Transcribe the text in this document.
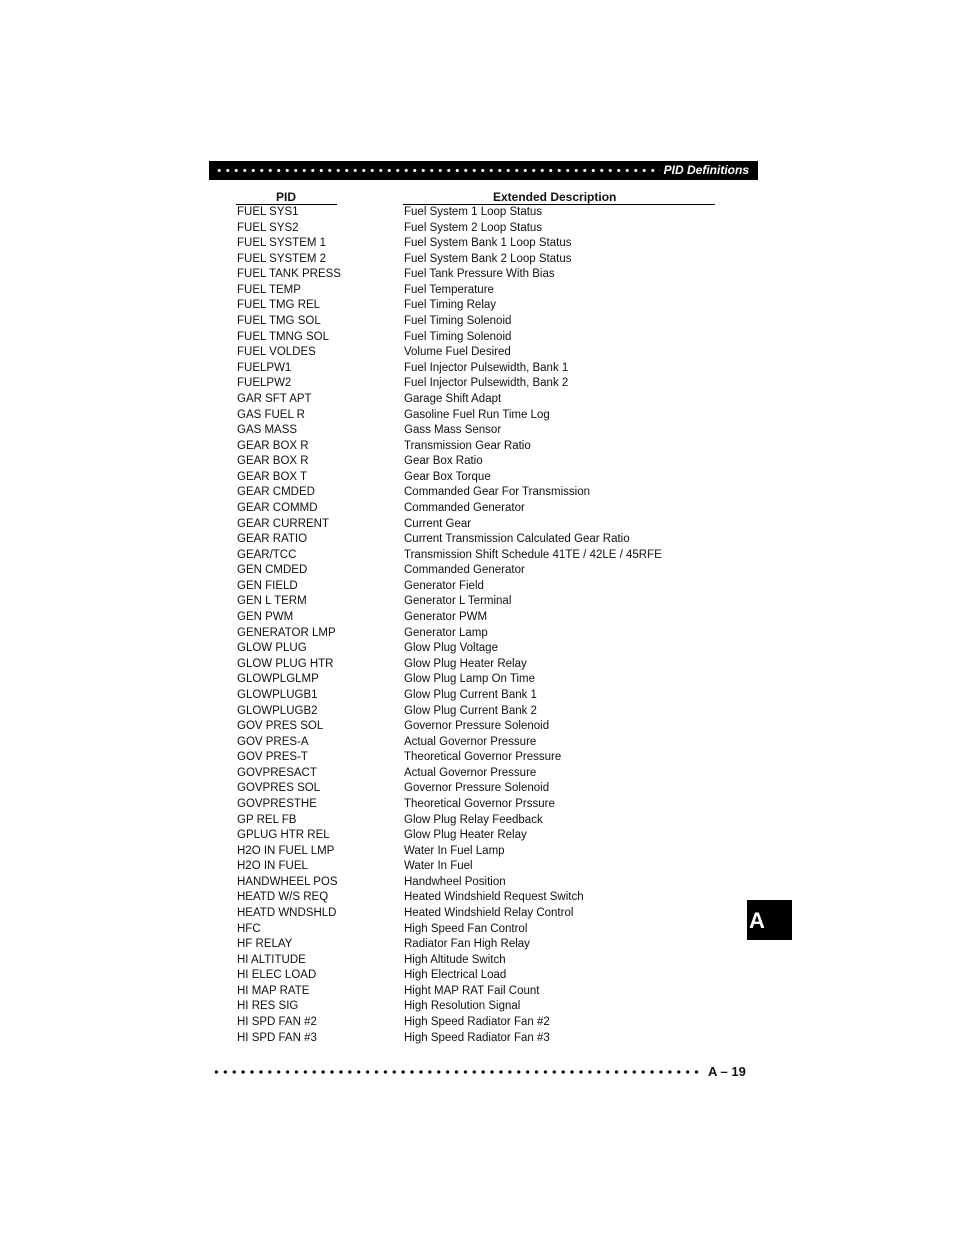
PID Definitions
PID	Extended Description
FUEL SYS1	Fuel System 1 Loop Status
FUEL SYS2	Fuel System 2 Loop Status
FUEL SYSTEM 1	Fuel System Bank 1 Loop Status
FUEL SYSTEM 2	Fuel System Bank 2 Loop Status
FUEL TANK PRESS	Fuel Tank Pressure With Bias
FUEL TEMP	Fuel Temperature
FUEL TMG REL	Fuel Timing Relay
FUEL TMG SOL	Fuel Timing Solenoid
FUEL TMNG SOL	Fuel Timing Solenoid
FUEL VOLDES	Volume Fuel Desired
FUELPW1	Fuel Injector Pulsewidth, Bank 1
FUELPW2	Fuel Injector Pulsewidth, Bank 2
GAR SFT APT	Garage Shift Adapt
GAS FUEL R	Gasoline Fuel Run Time Log
GAS MASS	Gass Mass Sensor
GEAR BOX R	Transmission Gear Ratio
GEAR BOX R	Gear Box Ratio
GEAR BOX T	Gear Box Torque
GEAR CMDED	Commanded Gear For Transmission
GEAR COMMD	Commanded Generator
GEAR CURRENT	Current Gear
GEAR RATIO	Current Transmission Calculated Gear Ratio
GEAR/TCC	Transmission Shift Schedule 41TE / 42LE / 45RFE
GEN CMDED	Commanded Generator
GEN FIELD	Generator Field
GEN L TERM	Generator L Terminal
GEN PWM	Generator PWM
GENERATOR LMP	Generator Lamp
GLOW PLUG	Glow Plug Voltage
GLOW PLUG HTR	Glow Plug Heater Relay
GLOWPLGLMP	Glow Plug Lamp On Time
GLOWPLUGB1	Glow Plug Current Bank 1
GLOWPLUGB2	Glow Plug Current Bank 2
GOV PRES SOL	Governor Pressure Solenoid
GOV PRES-A	Actual Governor Pressure
GOV PRES-T	Theoretical Governor Pressure
GOVPRESACT	Actual Governor Pressure
GOVPRES SOL	Governor Pressure Solenoid
GOVPRESTHE	Theoretical Governor Prssure
GP REL FB	Glow Plug Relay Feedback
GPLUG HTR REL	Glow Plug Heater Relay
H2O IN FUEL LMP	Water In Fuel Lamp
H2O IN FUEL	Water In Fuel
HANDWHEEL POS	Handwheel Position
HEATD W/S REQ	Heated Windshield Request Switch
HEATD WNDSHLD	Heated Windshield Relay Control
HFC	High Speed Fan Control
HF RELAY	Radiator Fan High Relay
HI ALTITUDE	High Altitude Switch
HI ELEC LOAD	High Electrical Load
HI MAP RATE	Hight MAP RAT Fail Count
HI RES SIG	High Resolution Signal
HI SPD FAN #2	High Speed Radiator Fan #2
HI SPD FAN #3	High Speed Radiator Fan #3
A
A – 19
